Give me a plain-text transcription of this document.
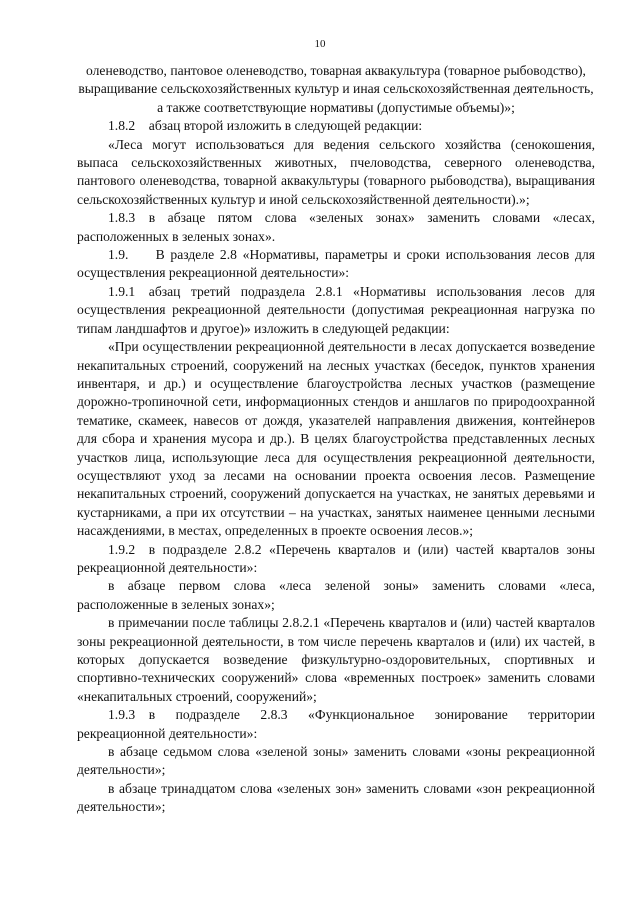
10

оленеводство, пантовое оленеводство, товарная аквакультура (товарное рыбоводство), выращивание сельскохозяйственных культур и иная сельскохозяйственная деятельность, а также соответствующие нормативы (допустимые объемы)»;

1.8.2 абзац второй изложить в следующей редакции:

«Леса могут использоваться для ведения сельского хозяйства (сенокошения, выпаса сельскохозяйственных животных, пчеловодства, северного оленеводства, пантового оленеводства, товарной аквакультуры (товарного рыбоводства), выращивания сельскохозяйственных культур и иной сельскохозяйственной деятельности).»;

1.8.3 в абзаце пятом слова «зеленых зонах» заменить словами «лесах, расположенных в зеленых зонах».

1.9.  В разделе 2.8 «Нормативы, параметры и сроки использования лесов для осуществления рекреационной деятельности»:

1.9.1 абзац третий подраздела 2.8.1 «Нормативы использования лесов для осуществления рекреационной деятельности (допустимая рекреационная нагрузка по типам ландшафтов и другое)» изложить в следующей редакции:

«При осуществлении рекреационной деятельности в лесах допускается возведение некапитальных строений, сооружений на лесных участках (беседок, пунктов хранения инвентаря, и др.) и осуществление благоустройства лесных участков (размещение дорожно-тропиночной сети, информационных стендов и аншлагов по природоохранной тематике, скамеек, навесов от дождя, указателей направления движения, контейнеров для сбора и хранения мусора и др.). В целях благоустройства представленных лесных участков лица, использующие леса для осуществления рекреационной деятельности, осуществляют уход за лесами на основании проекта освоения лесов. Размещение некапитальных строений, сооружений допускается на участках, не занятых деревьями и кустарниками, а при их отсутствии – на участках, занятых наименее ценными лесными насаждениями, в местах, определенных в проекте освоения лесов.»;

1.9.2 в подразделе 2.8.2 «Перечень кварталов и (или) частей кварталов зоны рекреационной деятельности»:

в абзаце первом слова «леса зеленой зоны» заменить словами «леса, расположенные в зеленых зонах»;

в примечании после таблицы 2.8.2.1 «Перечень кварталов и (или) частей кварталов зоны рекреационной деятельности, в том числе перечень кварталов и (или) их частей, в которых допускается возведение физкультурно-оздоровительных, спортивных и спортивно-технических сооружений» слова «временных построек» заменить словами «некапитальных строений, сооружений»;

1.9.3 в подразделе 2.8.3 «Функциональное зонирование территории рекреационной деятельности»:

в абзаце седьмом слова «зеленой зоны» заменить словами «зоны рекреационной деятельности»;

в абзаце тринадцатом слова «зеленых зон» заменить словами «зон рекреационной деятельности»;
